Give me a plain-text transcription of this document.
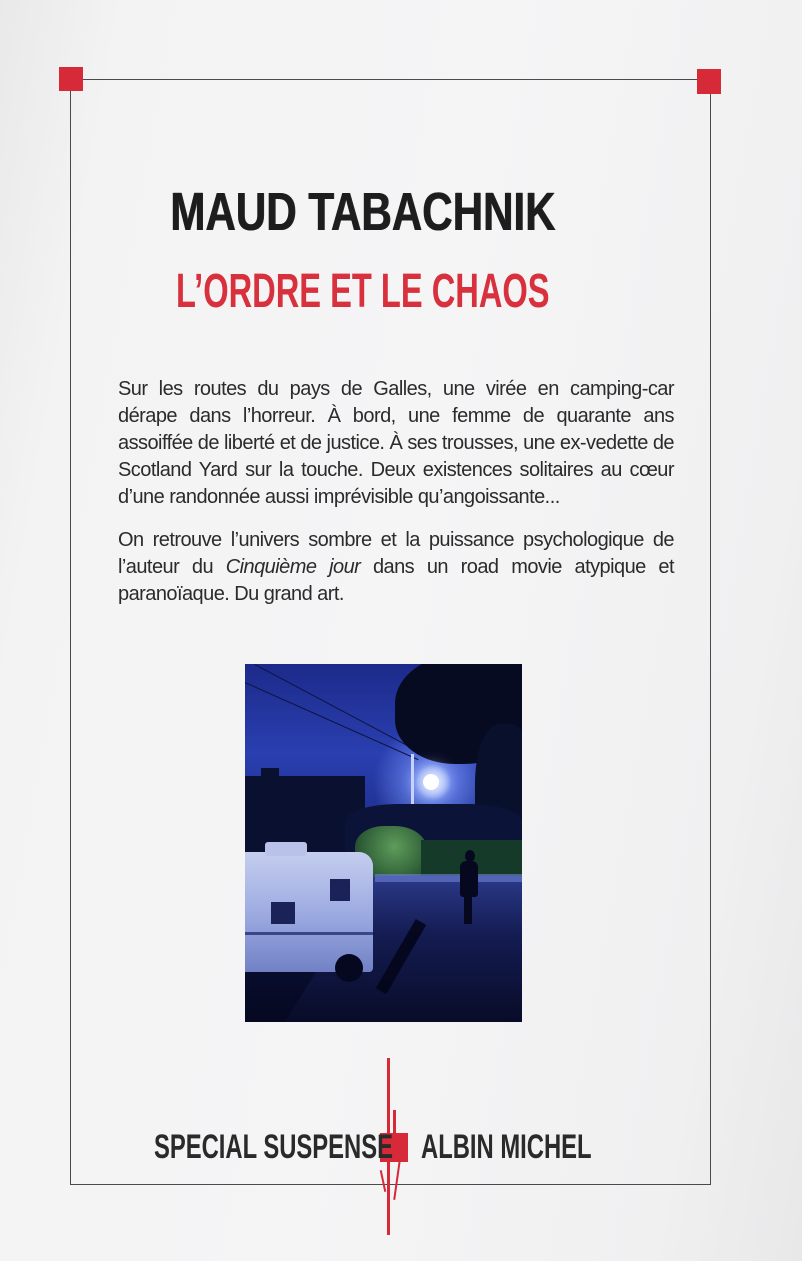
MAUD TABACHNIK
L’ORDRE ET LE CHAOS

Sur les routes du pays de Galles, une virée en camping-car dérape dans l’horreur. À bord, une femme de quarante ans assoiffée de liberté et de justice. À ses trousses, une ex-vedette de Scotland Yard sur la touche. Deux existences solitaires au cœur d’une randonnée aussi imprévisible qu’angoissante...

On retrouve l’univers sombre et la puissance psychologique de l’auteur du Cinquième jour dans un road movie atypique et paranoïaque. Du grand art.

SPECIAL SUSPENSE ALBIN MICHEL
